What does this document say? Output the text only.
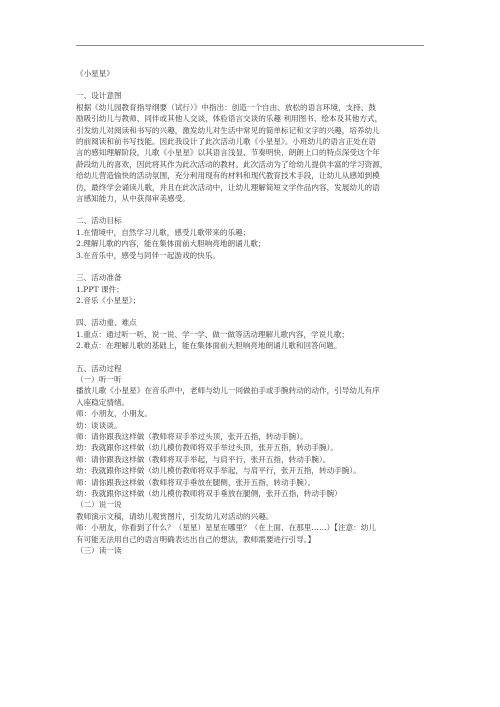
《小星星》
一、设计意图
根据《幼儿园教育指导纲要（试行）》中指出：创造一个自由、放松的语言环境，支持、鼓
励吸引幼儿与教师、同伴或其他人交谈，体验语言交谈的乐趣 利用图书、绘本及其他方式，
引发幼儿对阅读和书写的兴趣，激发幼儿对生活中常见的简单标记和文字的兴趣，培养幼儿
的前阅读和前书写技能。因此我设计了此次活动儿歌《小星星》。小班幼儿的语言正处在语
言的感知理解阶段，儿歌《小星星》以其语言浅显、节奏明快、朗朗上口的特点深受这个年
龄段幼儿的喜欢，因此将其作为此次活动的教材。此次活动为了给幼儿提供丰富的学习资源，
给幼儿营造愉快的活动氛围，充分利用现有的材料和现代教育技术手段，让幼儿从感知到模
仿，最终学会诵读儿歌，并且在此次活动中，让幼儿理解简短文学作品内容，发展幼儿的语
言感知能力，从中获得审美感受。
二、活动目标
1.在情境中，自然学习儿歌，感受儿歌带来的乐趣；
2.理解儿歌的内容，能在集体面前大胆响亮地朗诵儿歌；
3.在音乐中，感受与同伴一起游戏的快乐。
三、活动准备
1.PPT 课件；
2.音乐《小星星》；
四、活动重、难点
1.重点：通过听一听、说一说、学一学、做一做等活动理解儿歌内容，学说儿歌；
2.难点：在理解儿歌的基础上，能在集体面前大胆响亮地朗诵儿歌和回答问题。
五、活动过程
（一）听一听
播放儿歌《小星星》在音乐声中，老师与幼儿一同做拍手或手腕转动的动作，引导幼儿有序
入座稳定情绪。
师：小朋友，小朋友。
幼：谈谈谈。
师：请你跟我这样做（教师将双手举过头顶，张开五指，转动手腕）。
幼：我就跟你这样做（幼儿模仿教师将双手举过头顶，张开五指，转动手腕）。
师：请你跟我这样做（教师将双手举起，与肩平行，张开五指，转动手腕）。
幼：我就跟你这样做（幼儿模仿教师将双手举起，与肩平行，张开五指，转动手腕）。
师：请你跟我这样做（教师将双手垂放在腿侧，张开五指，转动手腕）。
幼：我就跟你这样做（幼儿模仿教师将双手垂放在腿侧，张开五指，转动手腕）
（二）说一说
教师演示文稿，请幼儿观赏图片，引发幼儿对活动的兴趣。
师：小朋友，你看到了什么？（星星）星星在哪里？（在上面、在那里……）【注意：幼儿
有可能无法用自己的语言明确表达出自己的想法，教师需要进行引导。】
（三）读一读
